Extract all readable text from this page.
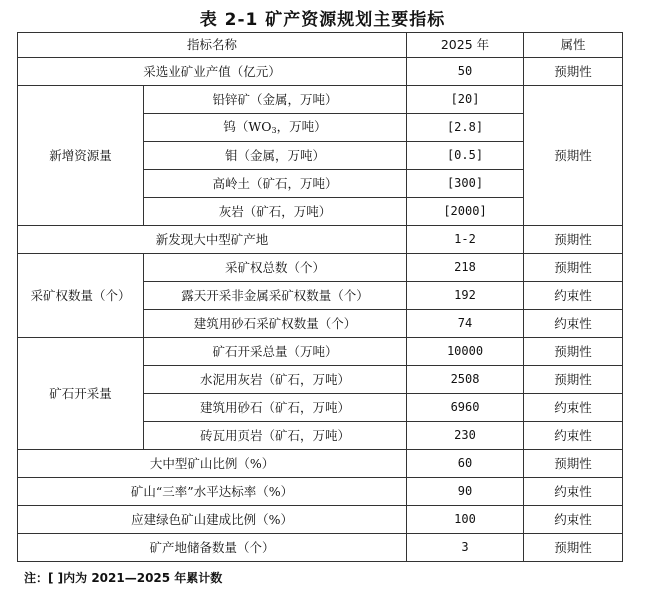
表 2-1 矿产资源规划主要指标
指标名称		2025 年	属性
采选业矿业产值（亿元）		50	预期性
新增资源量	铅锌矿（金属，万吨）	[20]	预期性
	钨（$WO_3$，万吨）	[2.8]	
	钼（金属，万吨）	[0.5]	
	高岭土（矿石，万吨）	[300]	
	灰岩（矿石，万吨）	[2000]	
新发现大中型矿产地		1-2	预期性
采矿权数量（个）	采矿权总数（个）	218	预期性
	露天开采非金属采矿权数量（个）	192	约束性
	建筑用砂石采矿权数量（个）	74	约束性
矿石开采量	矿石开采总量（万吨）	10000	预期性
	水泥用灰岩（矿石，万吨）	2508	预期性
	建筑用砂石（矿石，万吨）	6960	约束性
	砖瓦用页岩（矿石，万吨）	230	约束性
大中型矿山比例（%）		60	预期性
矿山“三率”水平达标率（%）		90	约束性
应建绿色矿山建成比例（%）		100	约束性
矿产地储备数量（个）		3	预期性
注：[ ]内为 2021—2025 年累计数
